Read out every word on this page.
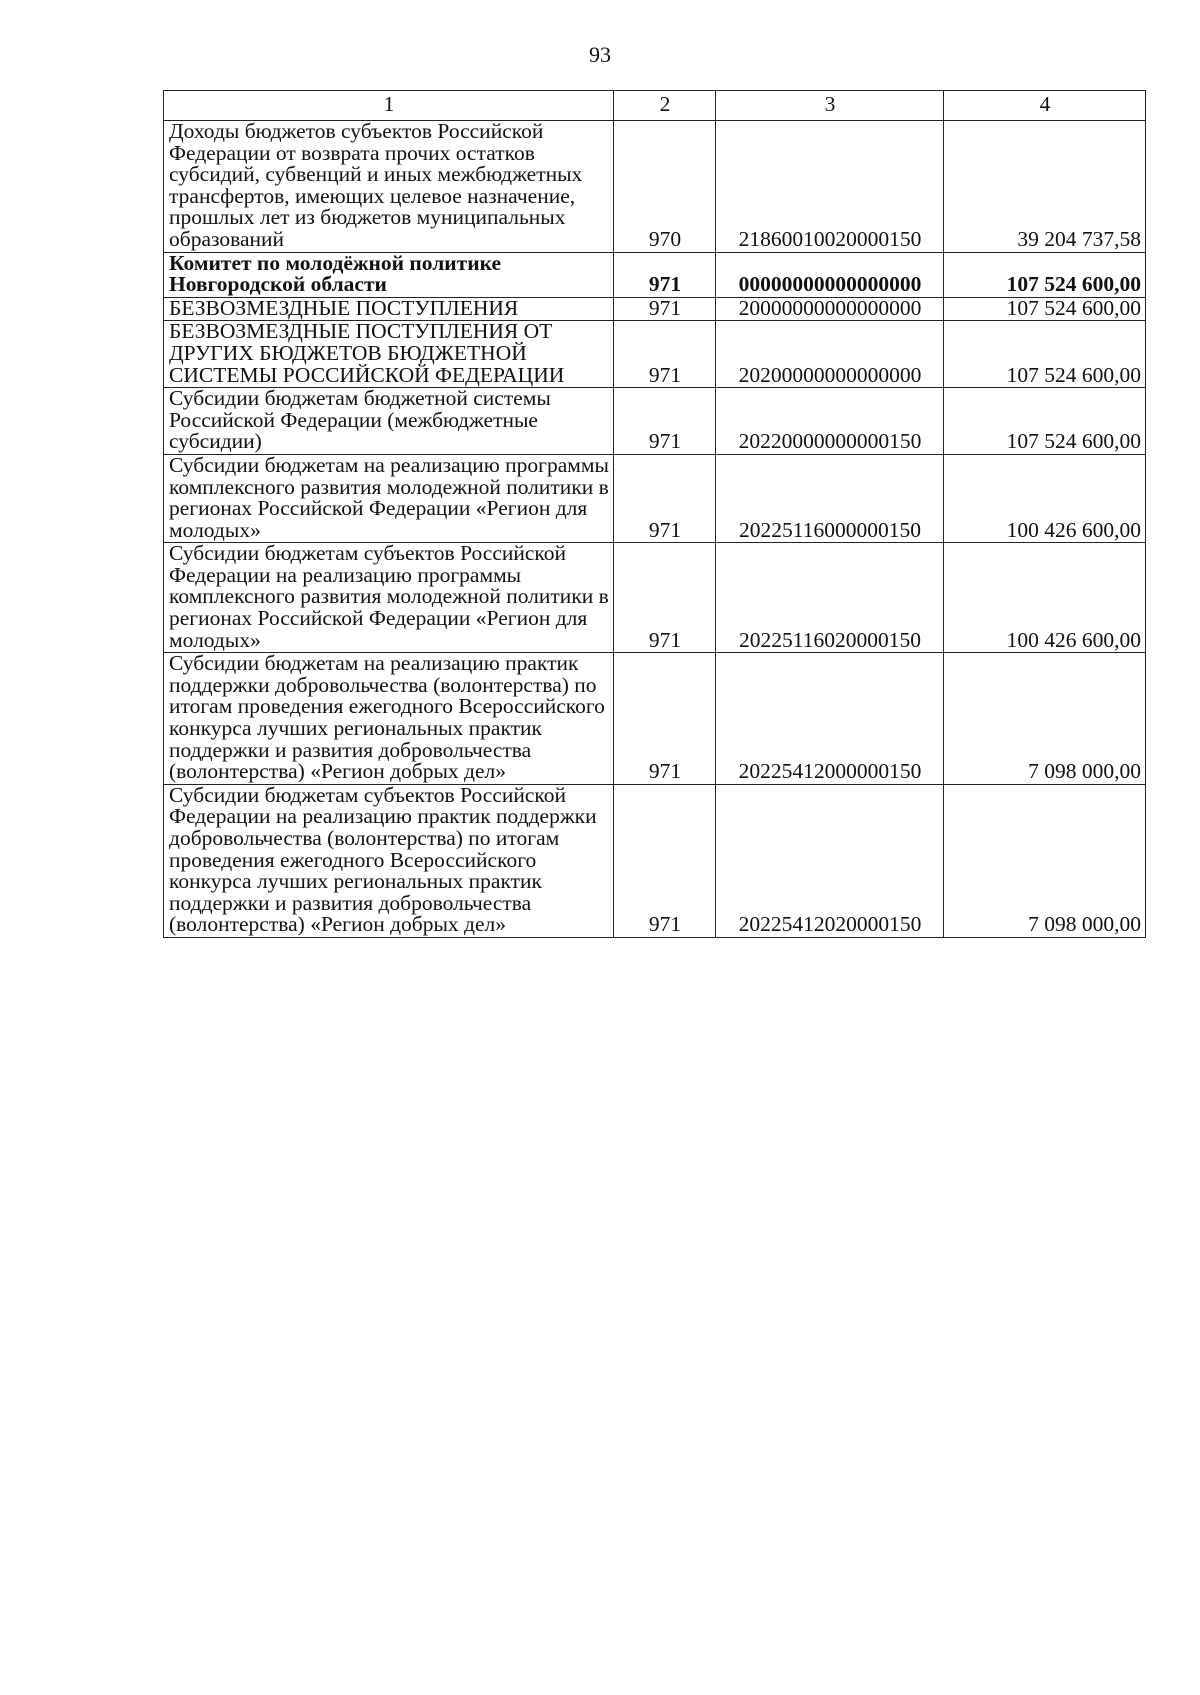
93
1	2	3	4
Доходы бюджетов субъектов Российской Федерации от возврата прочих остатков субсидий, субвенций и иных межбюджетных трансфертов, имеющих целевое назначение, прошлых лет из бюджетов муниципальных образований	970	21860010020000150	39 204 737,58
Комитет по молодёжной политике Новгородской области	971	00000000000000000	107 524 600,00
БЕЗВОЗМЕЗДНЫЕ ПОСТУПЛЕНИЯ	971	20000000000000000	107 524 600,00
БЕЗВОЗМЕЗДНЫЕ ПОСТУПЛЕНИЯ ОТ ДРУГИХ БЮДЖЕТОВ БЮДЖЕТНОЙ СИСТЕМЫ РОССИЙСКОЙ ФЕДЕРАЦИИ	971	20200000000000000	107 524 600,00
Субсидии бюджетам бюджетной системы Российской Федерации (межбюджетные субсидии)	971	20220000000000150	107 524 600,00
Субсидии бюджетам на реализацию программы комплексного развития молодежной политики в регионах Российской Федерации «Регион для молодых»	971	20225116000000150	100 426 600,00
Субсидии бюджетам субъектов Российской Федерации на реализацию программы комплексного развития молодежной политики в регионах Российской Федерации «Регион для молодых»	971	20225116020000150	100 426 600,00
Субсидии бюджетам на реализацию практик поддержки добровольчества (волонтерства) по итогам проведения ежегодного Всероссийского конкурса лучших региональных практик поддержки и развития добровольчества (волонтерства) «Регион добрых дел»	971	20225412000000150	7 098 000,00
Субсидии бюджетам субъектов Российской Федерации на реализацию практик поддержки добровольчества (волонтерства) по итогам проведения ежегодного Всероссийского конкурса лучших региональных практик поддержки и развития добровольчества (волонтерства) «Регион добрых дел»	971	20225412020000150	7 098 000,00
